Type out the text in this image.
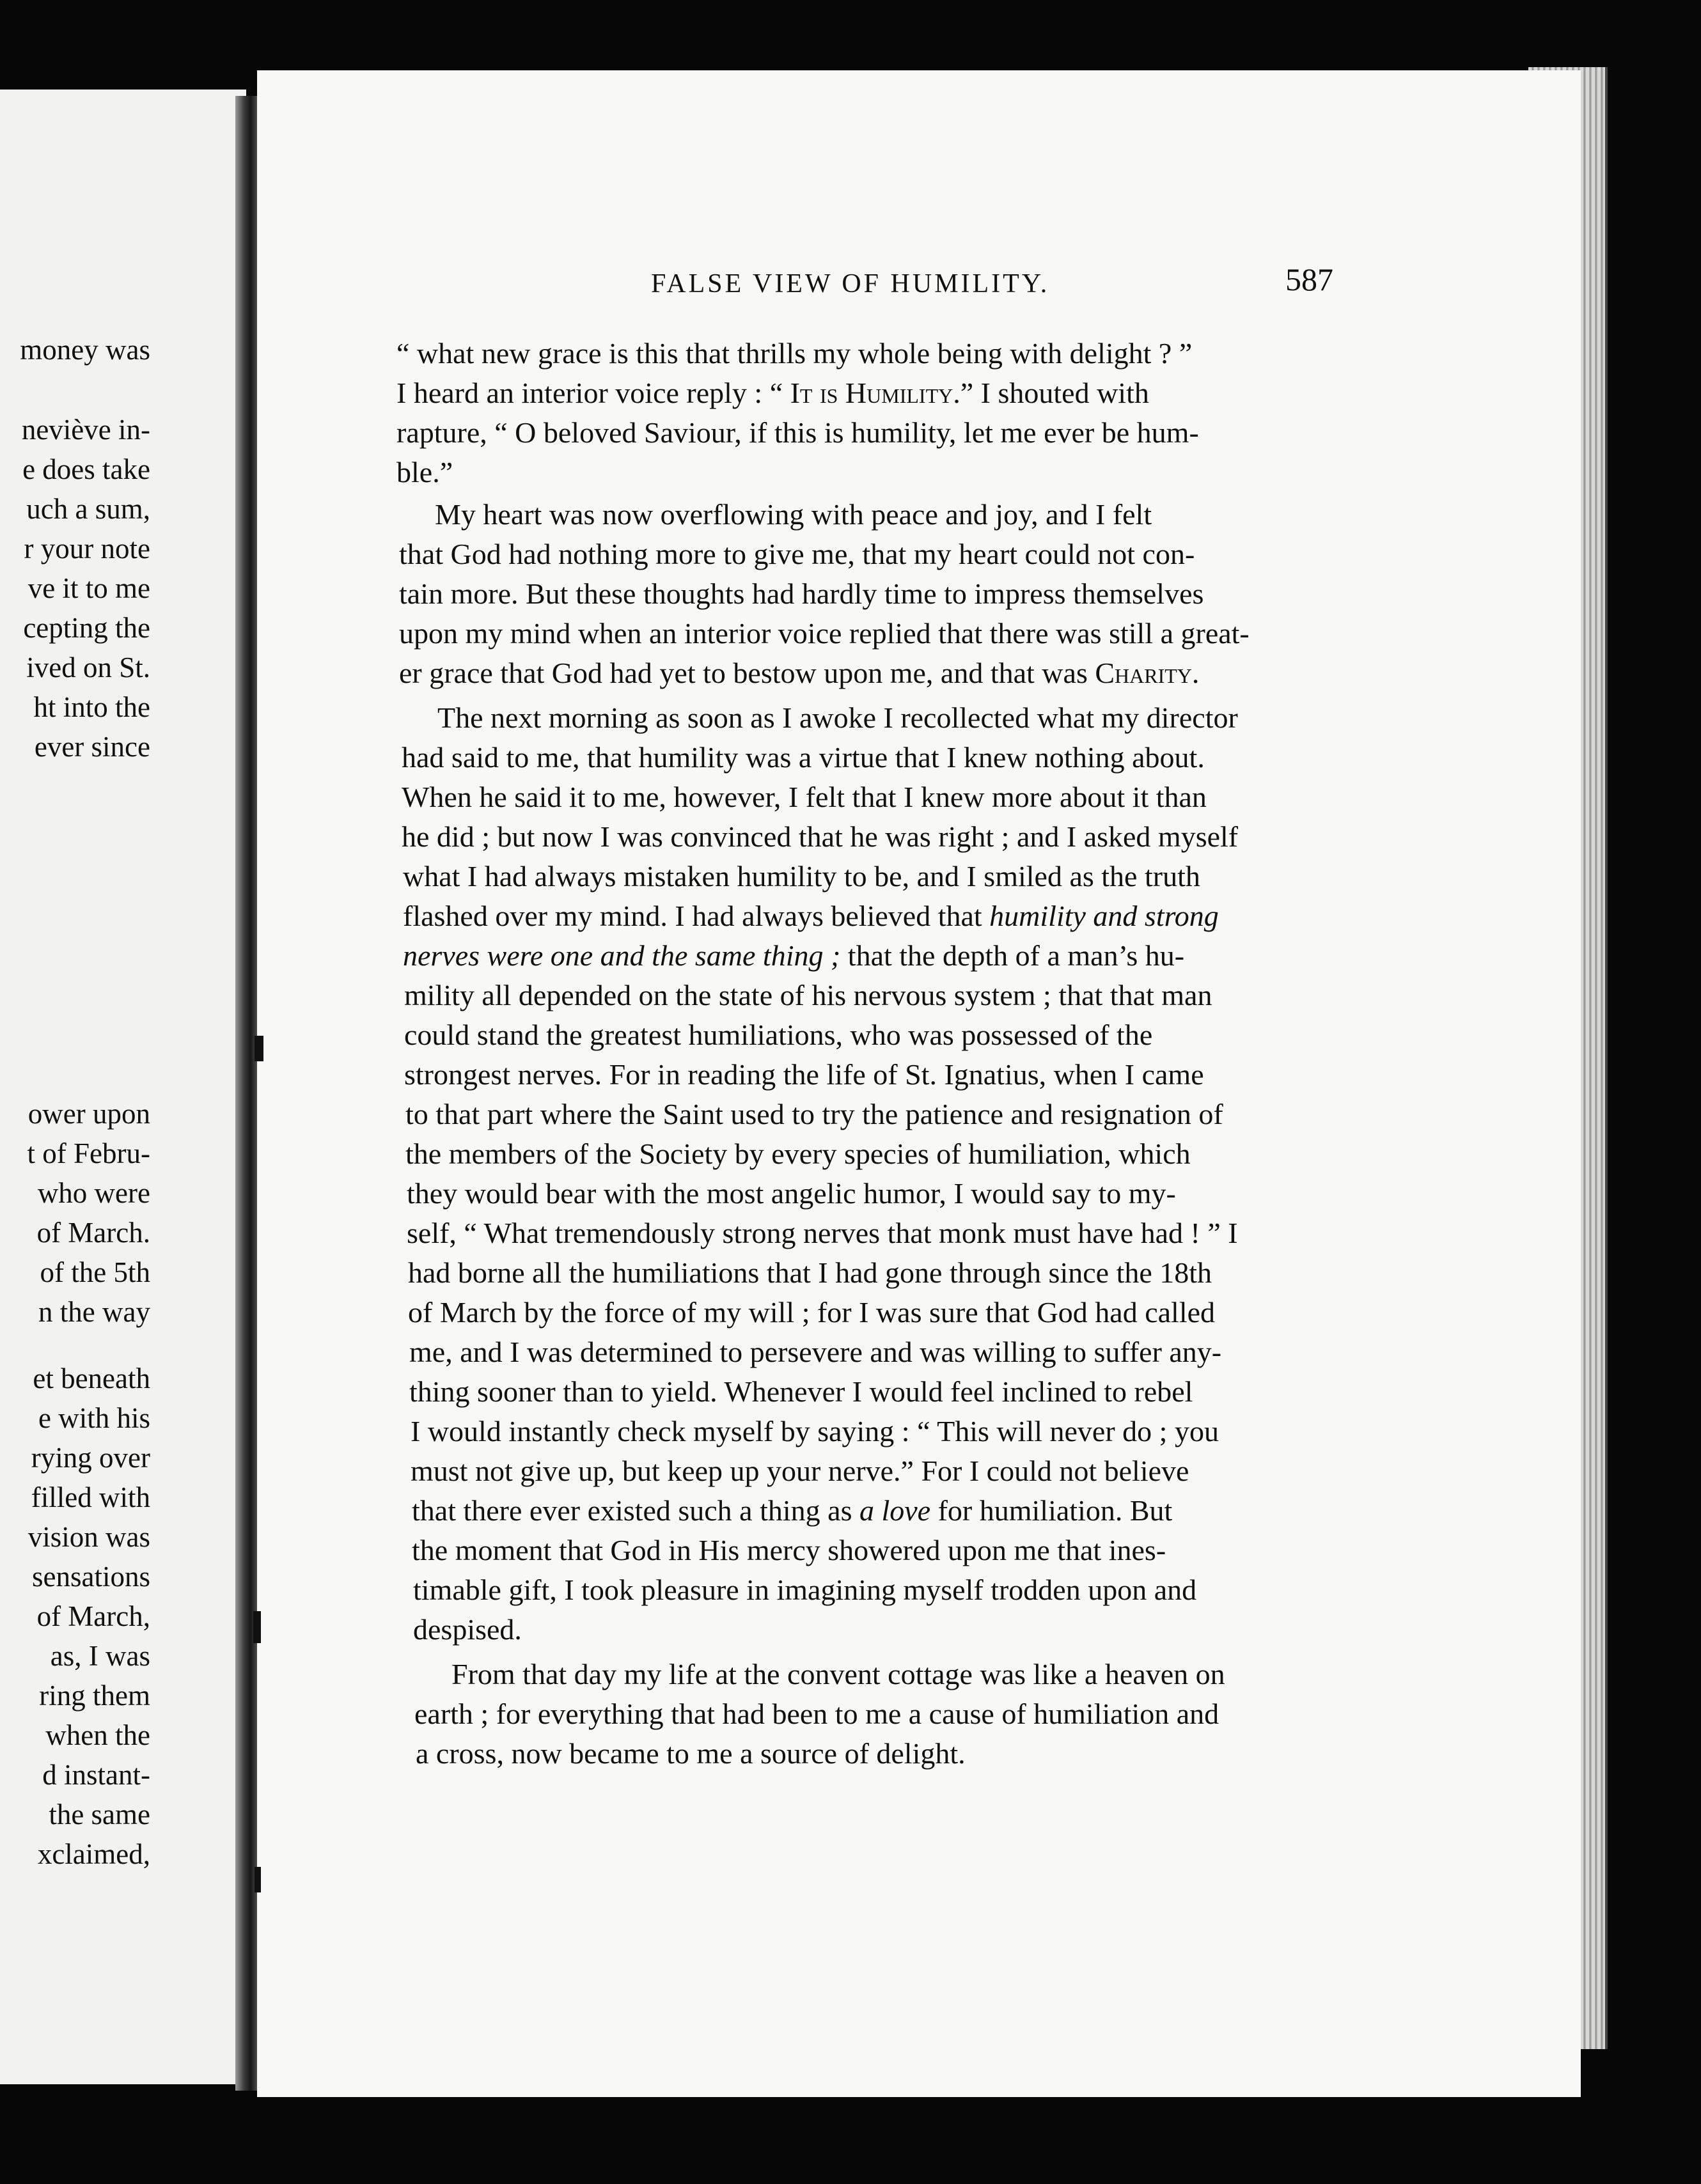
money was
neviève in-
e does take
uch a sum,
r your note
ve it to me
cepting the
ived on St.
ht into the
ever since
ower upon
t of Febru-
who were
of March.
of the 5th
n the way
et beneath
e with his
rying over
filled with
vision was
sensations
of March,
as, I was
ring them
when the
d instant-
the same
xclaimed,
FALSE VIEW OF HUMILITY.	587
“ what new grace is this that thrills my whole being with delight ? ”
I heard an interior voice reply : “ It is Humility.” I shouted with
rapture, “ O beloved Saviour, if this is humility, let me ever be hum-
ble.”
My heart was now overflowing with peace and joy, and I felt
that God had nothing more to give me, that my heart could not con-
tain more. But these thoughts had hardly time to impress themselves
upon my mind when an interior voice replied that there was still a great-
er grace that God had yet to bestow upon me, and that was Charity.
The next morning as soon as I awoke I recollected what my director
had said to me, that humility was a virtue that I knew nothing about.
When he said it to me, however, I felt that I knew more about it than
he did ; but now I was convinced that he was right ; and I asked myself
what I had always mistaken humility to be, and I smiled as the truth
flashed over my mind. I had always believed that humility and strong
nerves were one and the same thing ; that the depth of a man’s hu-
mility all depended on the state of his nervous system ; that that man
could stand the greatest humiliations, who was possessed of the
strongest nerves. For in reading the life of St. Ignatius, when I came
to that part where the Saint used to try the patience and resignation of
the members of the Society by every species of humiliation, which
they would bear with the most angelic humor, I would say to my-
self, “ What tremendously strong nerves that monk must have had ! ” I
had borne all the humiliations that I had gone through since the 18th
of March by the force of my will ; for I was sure that God had called
me, and I was determined to persevere and was willing to suffer any-
thing sooner than to yield. Whenever I would feel inclined to rebel
I would instantly check myself by saying : “ This will never do ; you
must not give up, but keep up your nerve.” For I could not believe
that there ever existed such a thing as a love for humiliation. But
the moment that God in His mercy showered upon me that ines-
timable gift, I took pleasure in imagining myself trodden upon and
despised.
From that day my life at the convent cottage was like a heaven on
earth ; for everything that had been to me a cause of humiliation and
a cross, now became to me a source of delight.
